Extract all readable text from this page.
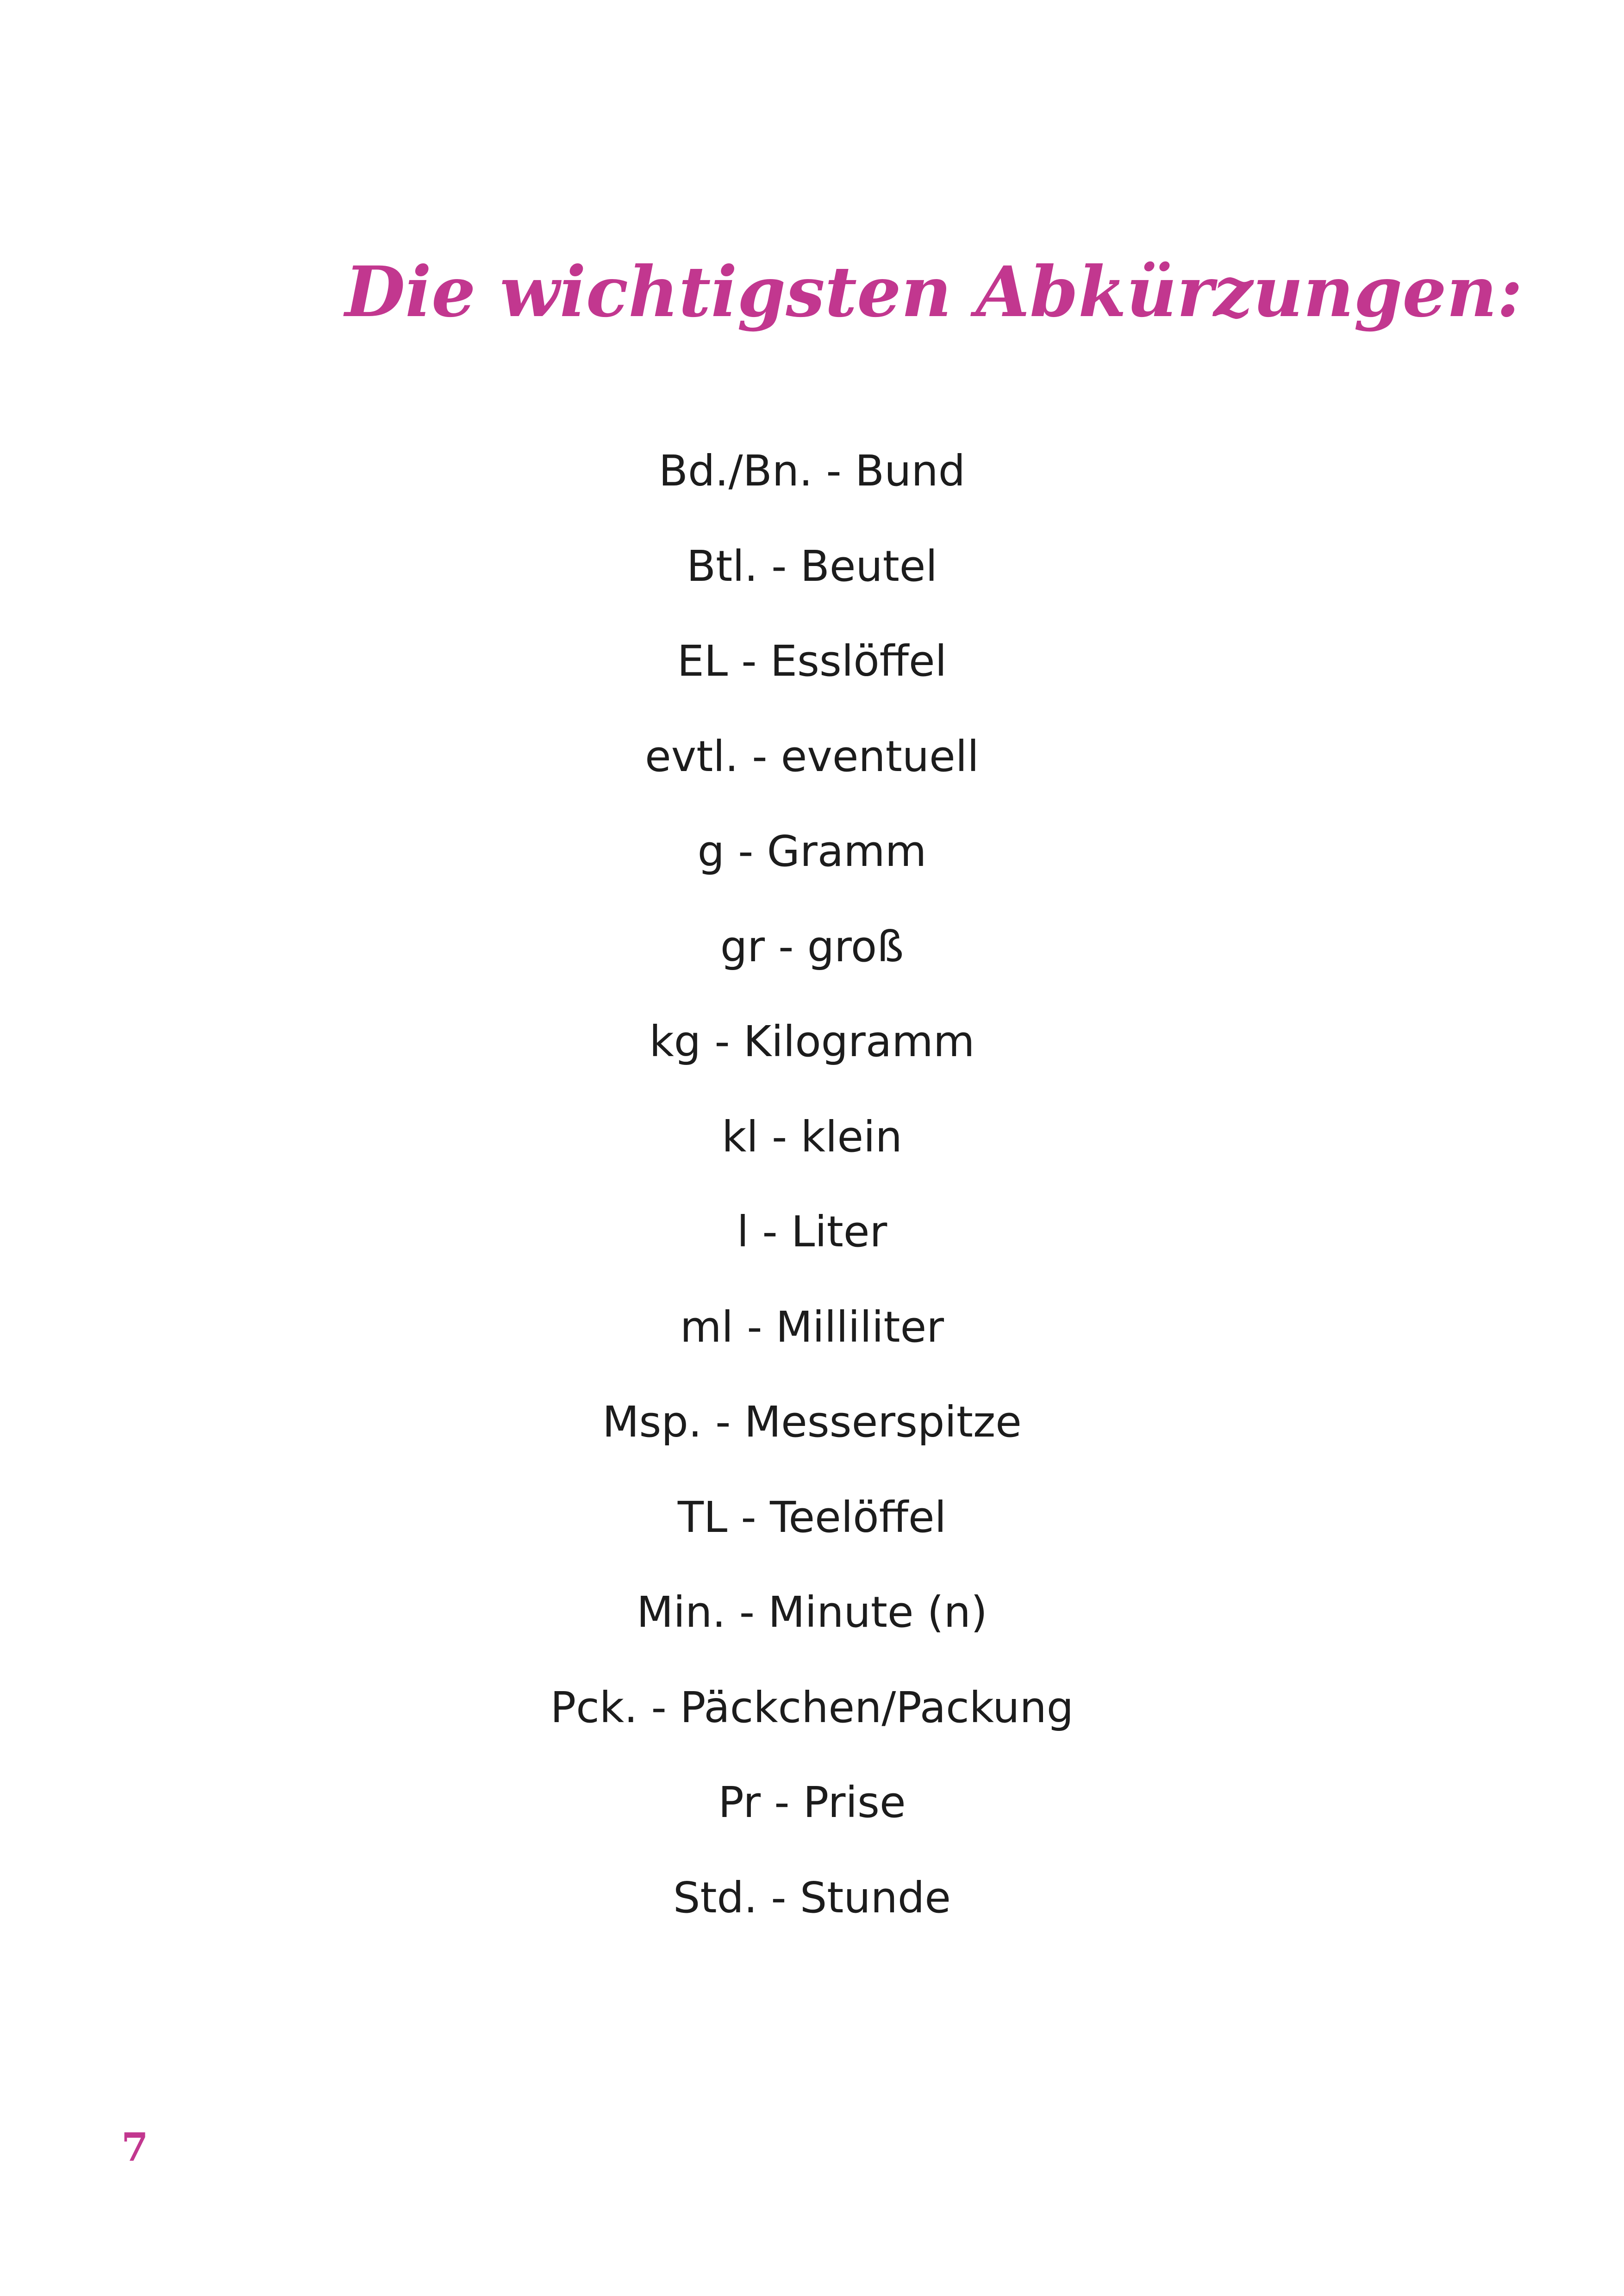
Die wichtigsten Abkürzungen:
Bd./Bn. - Bund
Btl. - Beutel
EL - Esslöffel
evtl. - eventuell
g - Gramm
gr - groß
kg - Kilogramm
kl - klein
l - Liter
ml - Milliliter
Msp. - Messerspitze
TL - Teelöffel
Min. - Minute (n)
Pck. - Päckchen/Packung
Pr - Prise
Std. - Stunde
7
